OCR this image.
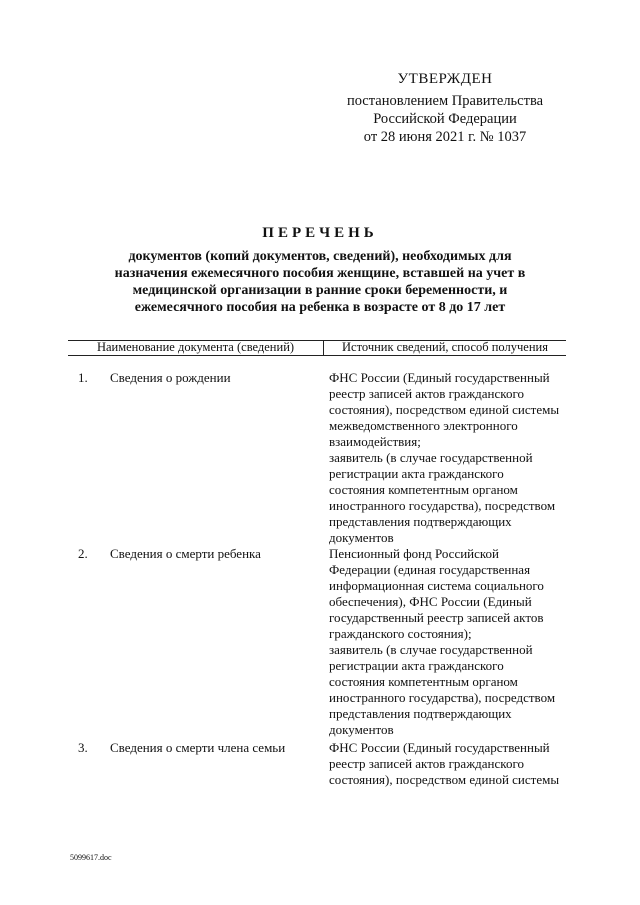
УТВЕРЖДЕН
постановлением Правительства
Российской Федерации
от 28 июня 2021 г. № 1037
ПЕРЕЧЕНЬ
документов (копий документов, сведений), необходимых для
назначения ежемесячного пособия женщине, вставшей на учет в
медицинской организации в ранние сроки беременности, и
ежемесячного пособия на ребенка в возрасте от 8 до 17 лет
Наименование документа (сведений)	Источник сведений, способ получения
1. Сведения о рождении	ФНС России (Единый государственный
реестр записей актов гражданского
состояния), посредством единой системы
межведомственного электронного
взаимодействия;
заявитель (в случае государственной
регистрации акта гражданского
состояния компетентным органом
иностранного государства), посредством
представления подтверждающих
документов
2. Сведения о смерти ребенка	Пенсионный фонд Российской
Федерации (единая государственная
информационная система социального
обеспечения), ФНС России (Единый
государственный реестр записей актов
гражданского состояния);
заявитель (в случае государственной
регистрации акта гражданского
состояния компетентным органом
иностранного государства), посредством
представления подтверждающих
документов
3. Сведения о смерти члена семьи	ФНС России (Единый государственный
реестр записей актов гражданского
состояния), посредством единой системы
5099617.doc
